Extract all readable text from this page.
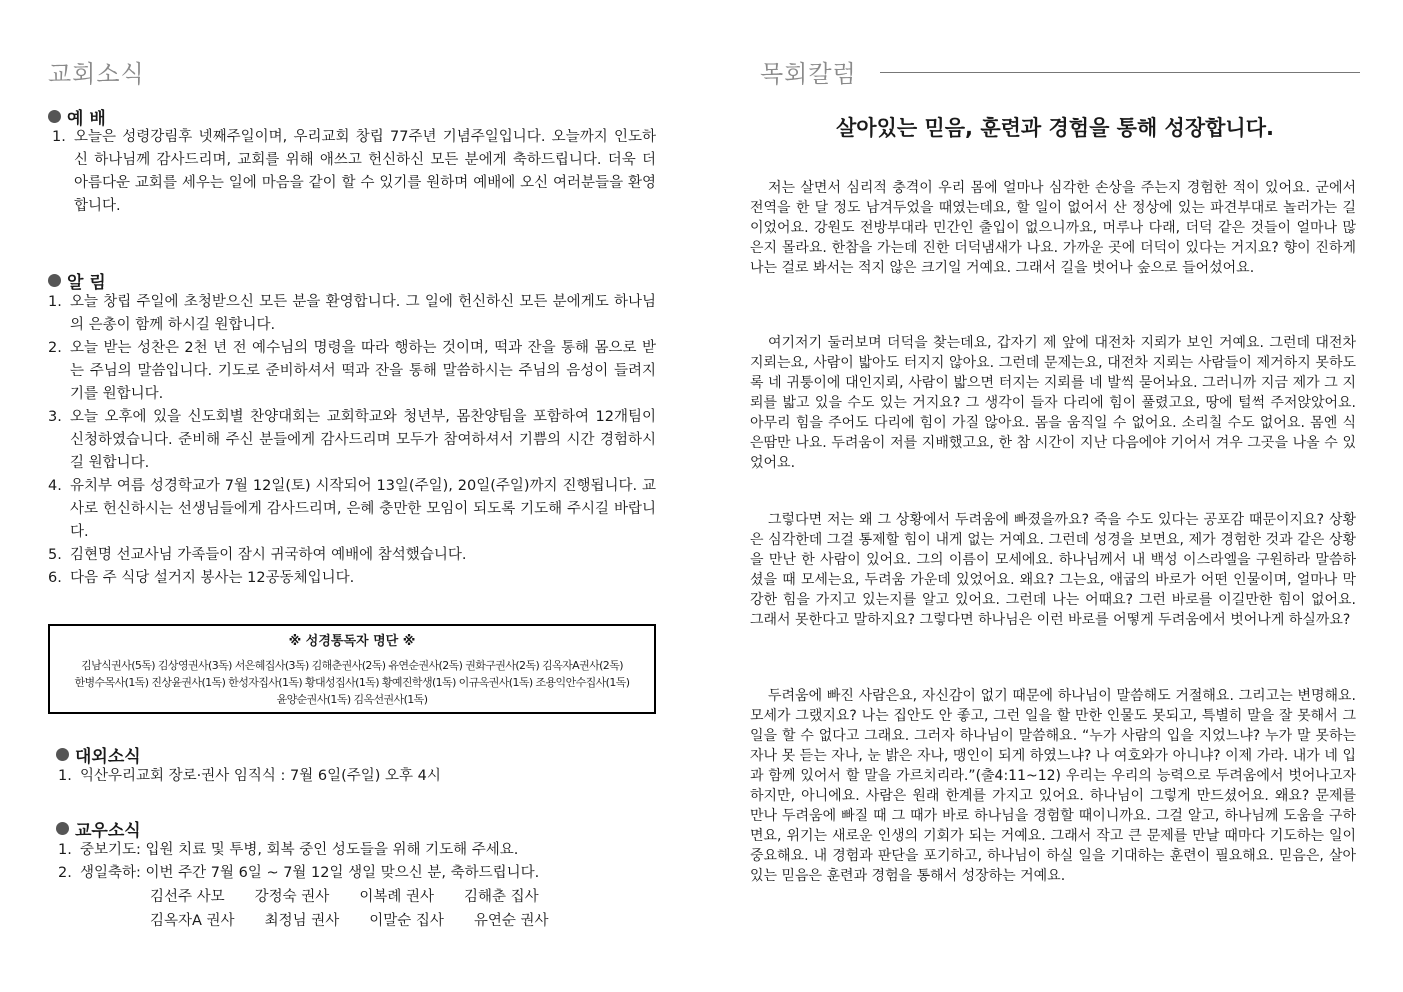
교회소식
예 배
1. 오늘은 성령강림후 넷째주일이며, 우리교회 창립 77주년 기념주일입니다. 오늘까지 인도하신 하나님께 감사드리며, 교회를 위해 애쓰고 헌신하신 모든 분에게 축하드립니다. 더욱 더 아름다운 교회를 세우는 일에 마음을 같이 할 수 있기를 원하며 예배에 오신 여러분들을 환영합니다.
알 림
1. 오늘 창립 주일에 초청받으신 모든 분을 환영합니다. 그 일에 헌신하신 모든 분에게도 하나님의 은총이 함께 하시길 원합니다.
2. 오늘 받는 성찬은 2천 년 전 예수님의 명령을 따라 행하는 것이며, 떡과 잔을 통해 몸으로 받는 주님의 말씀입니다. 기도로 준비하셔서 떡과 잔을 통해 말씀하시는 주님의 음성이 들려지기를 원합니다.
3. 오늘 오후에 있을 신도회별 찬양대회는 교회학교와 청년부, 몸찬양팀을 포함하여 12개팀이 신청하였습니다. 준비해 주신 분들에게 감사드리며 모두가 참여하셔서 기쁨의 시간 경험하시길 원합니다.
4. 유치부 여름 성경학교가 7월 12일(토) 시작되어 13일(주일), 20일(주일)까지 진행됩니다. 교사로 헌신하시는 선생님들에게 감사드리며, 은혜 충만한 모임이 되도록 기도해 주시길 바랍니다.
5. 김현명 선교사님 가족들이 잠시 귀국하여 예배에 참석했습니다.
6. 다음 주 식당 설거지 봉사는 12공동체입니다.
※ 성경통독자 명단 ※
김남식권사(5독) 김상영권사(3독) 서은혜집사(3독) 김해춘권사(2독) 유연순권사(2독) 권화구권사(2독) 김옥자A권사(2독)
한병수목사(1독) 진상윤권사(1독) 한성자집사(1독) 황대성집사(1독) 황예진학생(1독) 이규옥권사(1독) 조용익안수집사(1독)
윤양순권사(1독) 김옥선권사(1독)
대외소식
1. 익산우리교회 장로·권사 임직식 : 7월 6일(주일) 오후 4시
교우소식
1. 중보기도: 입원 치료 및 투병, 회복 중인 성도들을 위해 기도해 주세요.
2. 생일축하: 이번 주간 7월 6일 ~ 7월 12일 생일 맞으신 분, 축하드립니다.
김선주 사모 강정숙 권사 이복례 권사 김해춘 집사
김옥자A 권사 최정님 권사 이말순 집사 유연순 권사
목회칼럼
살아있는 믿음, 훈련과 경험을 통해 성장합니다.

저는 살면서 심리적 충격이 우리 몸에 얼마나 심각한 손상을 주는지 경험한 적이 있어요. 군에서 전역을 한 달 정도 남겨두었을 때였는데요, 할 일이 없어서 산 정상에 있는 파견부대로 놀러가는 길이었어요. 강원도 전방부대라 민간인 출입이 없으니까요, 머루나 다래, 더덕 같은 것들이 얼마나 많은지 몰라요. 한참을 가는데 진한 더덕냄새가 나요. 가까운 곳에 더덕이 있다는 거지요? 향이 진하게 나는 걸로 봐서는 적지 않은 크기일 거예요. 그래서 길을 벗어나 숲으로 들어섰어요.

여기저기 둘러보며 더덕을 찾는데요, 갑자기 제 앞에 대전차 지뢰가 보인 거예요. 그런데 대전차 지뢰는요, 사람이 밟아도 터지지 않아요. 그런데 문제는요, 대전차 지뢰는 사람들이 제거하지 못하도록 네 귀퉁이에 대인지뢰, 사람이 밟으면 터지는 지뢰를 네 발씩 묻어놔요. 그러니까 지금 제가 그 지뢰를 밟고 있을 수도 있는 거지요? 그 생각이 들자 다리에 힘이 풀렸고요, 땅에 털썩 주저앉았어요. 아무리 힘을 주어도 다리에 힘이 가질 않아요. 몸을 움직일 수 없어요. 소리칠 수도 없어요. 몸엔 식은땀만 나요. 두려움이 저를 지배했고요, 한 참 시간이 지난 다음에야 기어서 겨우 그곳을 나올 수 있었어요.

그렇다면 저는 왜 그 상황에서 두려움에 빠졌을까요? 죽을 수도 있다는 공포감 때문이지요? 상황은 심각한데 그걸 통제할 힘이 내게 없는 거예요. 그런데 성경을 보면요, 제가 경험한 것과 같은 상황을 만난 한 사람이 있어요. 그의 이름이 모세에요. 하나님께서 내 백성 이스라엘을 구원하라 말씀하셨을 때 모세는요, 두려움 가운데 있었어요. 왜요? 그는요, 애굽의 바로가 어떤 인물이며, 얼마나 막강한 힘을 가지고 있는지를 알고 있어요. 그런데 나는 어때요? 그런 바로를 이길만한 힘이 없어요. 그래서 못한다고 말하지요? 그렇다면 하나님은 이런 바로를 어떻게 두려움에서 벗어나게 하실까요?

두려움에 빠진 사람은요, 자신감이 없기 때문에 하나님이 말씀해도 거절해요. 그리고는 변명해요. 모세가 그랬지요? 나는 집안도 안 좋고, 그런 일을 할 만한 인물도 못되고, 특별히 말을 잘 못해서 그 일을 할 수 없다고 그래요. 그러자 하나님이 말씀해요. “누가 사람의 입을 지었느냐? 누가 말 못하는 자나 못 듣는 자나, 눈 밝은 자나, 맹인이 되게 하였느냐? 나 여호와가 아니냐? 이제 가라. 내가 네 입과 함께 있어서 할 말을 가르치리라.”(출4:11~12) 우리는 우리의 능력으로 두려움에서 벗어나고자 하지만, 아니에요. 사람은 원래 한계를 가지고 있어요. 하나님이 그렇게 만드셨어요. 왜요? 문제를 만나 두려움에 빠질 때 그 때가 바로 하나님을 경험할 때이니까요. 그걸 알고, 하나님께 도움을 구하면요, 위기는 새로운 인생의 기회가 되는 거예요. 그래서 작고 큰 문제를 만날 때마다 기도하는 일이 중요해요. 내 경험과 판단을 포기하고, 하나님이 하실 일을 기대하는 훈련이 필요해요. 믿음은, 살아있는 믿음은 훈련과 경험을 통해서 성장하는 거예요.
